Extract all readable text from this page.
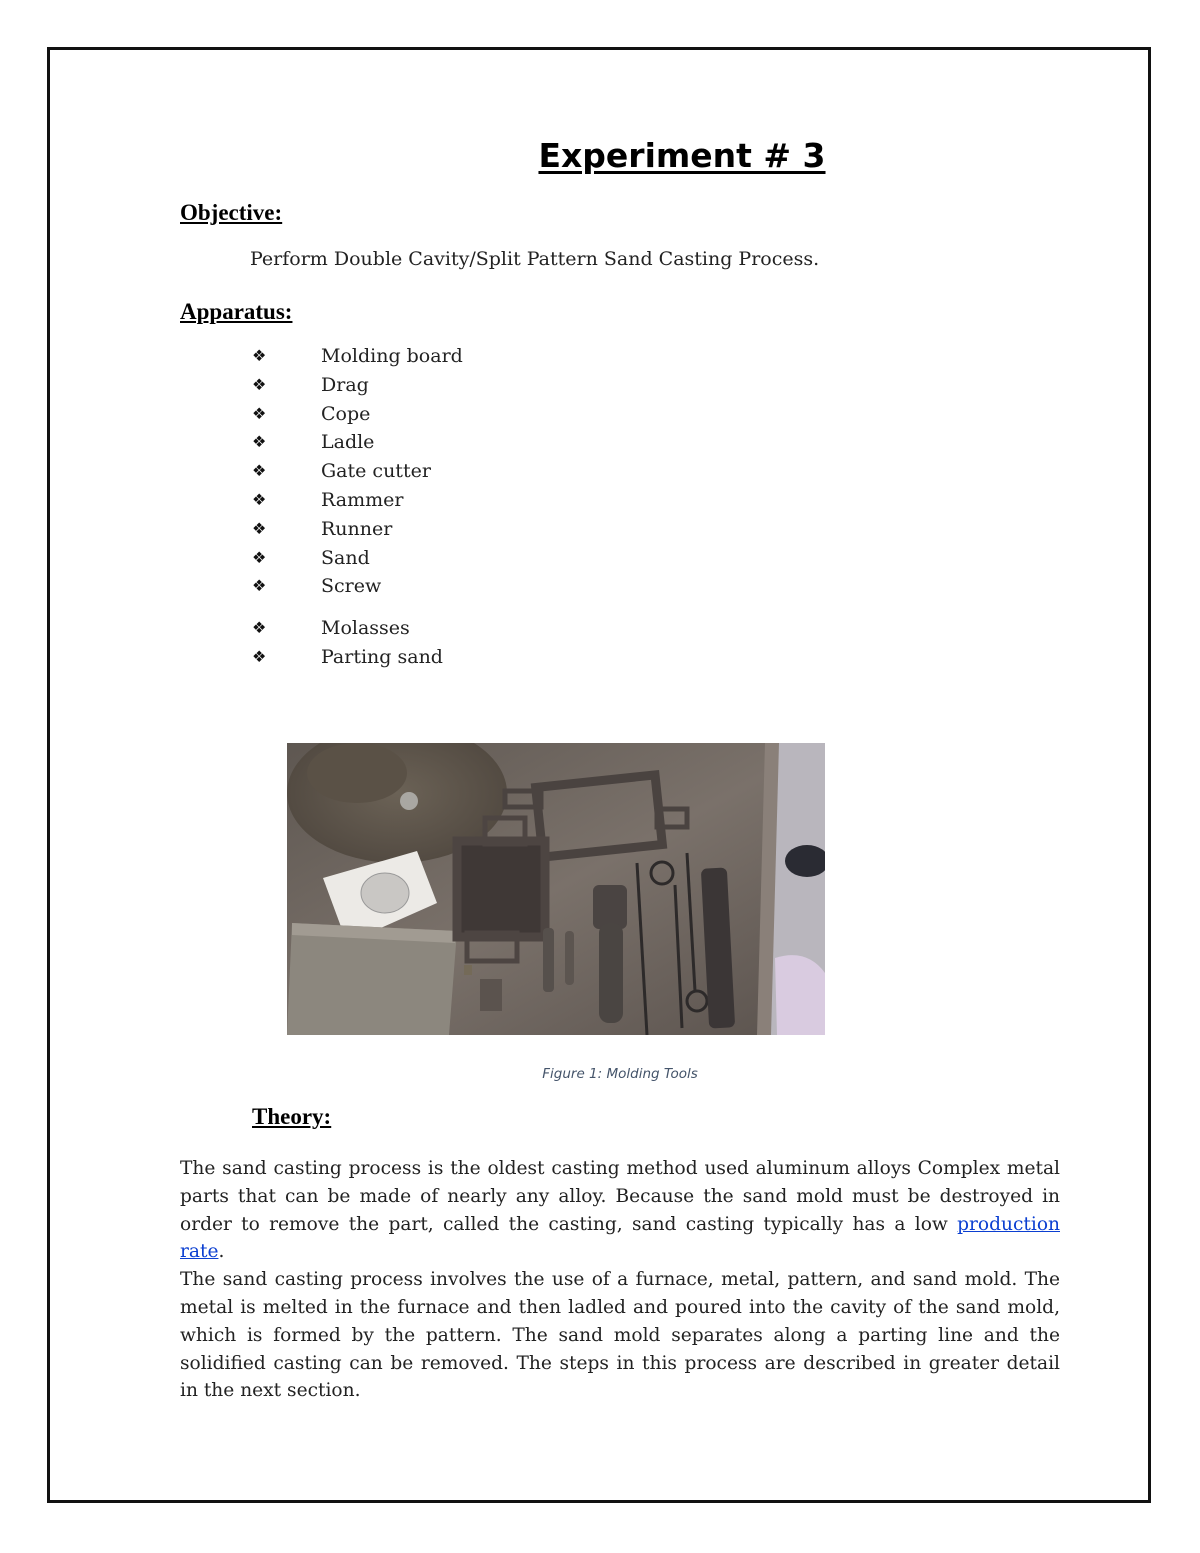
Experiment # 3
Objective:

Perform Double Cavity/Split Pattern Sand Casting Process.

Apparatus:
❖	Molding board
❖	Drag
❖	Cope
❖	Ladle
❖	Gate cutter
❖	Rammer
❖	Runner
❖	Sand
❖	Screw
❖	Molasses
❖	Parting sand

Figure 1: Molding Tools

Theory:

The sand casting process is the oldest casting method used aluminum alloys Complex metal parts that can be made of nearly any alloy. Because the sand mold must be destroyed in order to remove the part, called the casting, sand casting typically has a low production rate.

The sand casting process involves the use of a furnace, metal, pattern, and sand mold. The metal is melted in the furnace and then ladled and poured into the cavity of the sand mold, which is formed by the pattern. The sand mold separates along a parting line and the solidified casting can be removed. The steps in this process are described in greater detail in the next section.
